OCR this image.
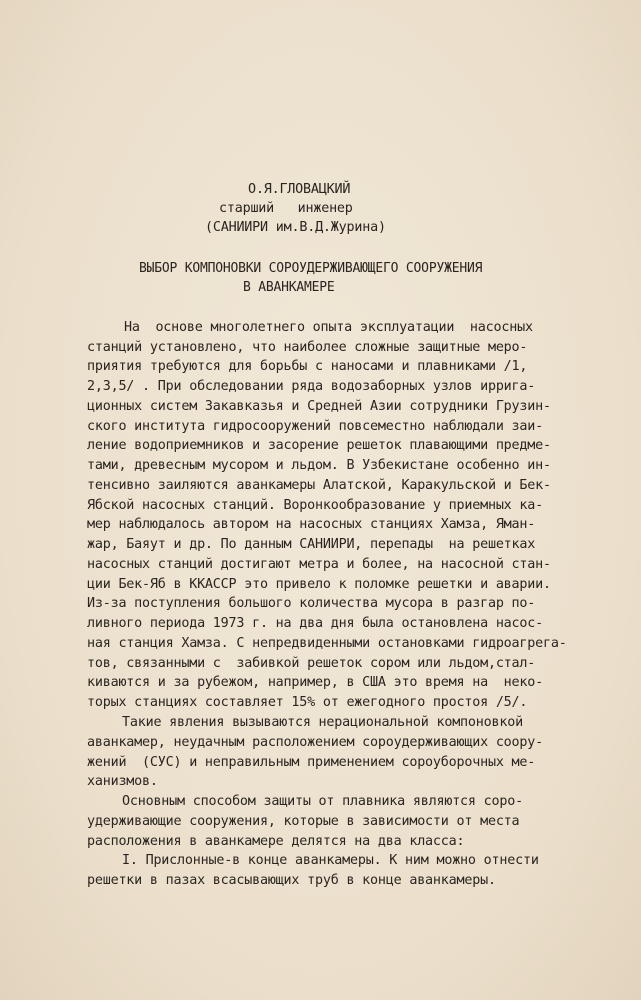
О.Я.ГЛОВАЦКИЙ
старший   инженер
(САНИИРИ им.В.Д.Журина)
ВЫБОР КОМПОНОВКИ СОРОУДЕРЖИВАЮЩЕГО СООРУЖЕНИЯ
В АВАНКАМЕРЕ
На  основе многолетнего опыта эксплуатации  насосных
станций установлено, что наиболее сложные защитные меро-
приятия требуются для борьбы с наносами и плавниками /1,
2,3,5/ . При обследовании ряда водозаборных узлов ирригa-
ционных систем Закавказья и Средней Азии сотрудники Грузин-
ского института гидросооружений повсеместно наблюдали заи-
ление водоприемников и засорение решеток плавающими предме-
тами, древесным мусором и льдом. В Узбекистане особенно ин-
тенсивно заиляются аванкамеры Алатской, Каракульской и Бек-
Ябской насосных станций. Воронкообразование у приемных ка-
мер наблюдалось автором на насосных станциях Хамза, Яман-
жар, Баяут и др. По данным САНИИРИ, перепады  на решетках
насосных станций достигают метра и более, на насосной стан-
ции Бек-Яб в ККАССР это привело к поломке решетки и аварии.
Из-за поступления большого количества мусора в разгар по-
ливного периода 1973 г. на два дня была остановлена насос-
ная станция Хамза. С непредвиденными остановками гидроагрега-
тов, связанными с  забивкой решеток сором или льдом,стал-
киваются и за рубежом, например, в США это время на  неко-
торых станциях составляет 15% от ежегодного простоя /5/.
Такие явления вызываются нерациональной компоновкой
аванкамер, неудачным расположением сороудерживающих соору-
жений  (СУС) и неправильным применением сороуборочных ме-
ханизмов.
Основным способом защиты от плавника являются соро-
удерживающие сооружения, которые в зависимости от места
расположения в аванкамере делятся на два класса:
I. Прислонные-в конце аванкамеры. К ним можно отнести
решетки в пазах всасывающих труб в конце аванкамеры.
